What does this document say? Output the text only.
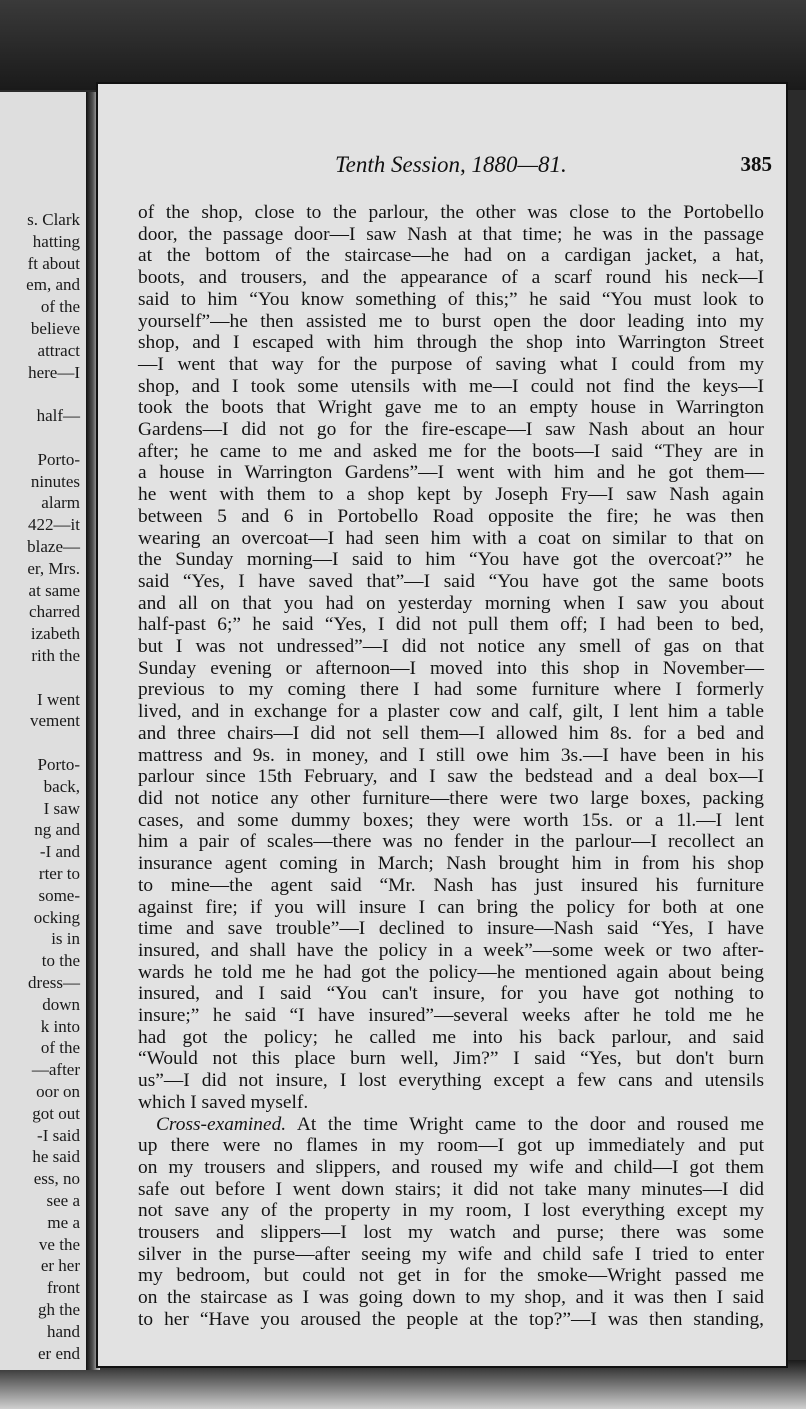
s. Clark
hatting
ft about
em, and
of the
believe
attract
here—I
half—
Porto-
ninutes
alarm
422—it
blaze—
er, Mrs.
at same
charred
izabeth
rith the
I went
vement
Porto-
back,
I saw
ng and
-I and
rter to
some-
ocking
is in
to the
dress—
down
k into
of the
—after
oor on
got out
-I said
he said
ess, no
see a
me a
ve the
er her
front
gh the
hand
er end
Tenth Session, 1880—81.	385
of the shop, close to the parlour, the other was close to the Portobello
door, the passage door—I saw Nash at that time; he was in the passage
at the bottom of the staircase—he had on a cardigan jacket, a hat,
boots, and trousers, and the appearance of a scarf round his neck—I
said to him “You know something of this;” he said “You must look to
yourself”—he then assisted me to burst open the door leading into my
shop, and I escaped with him through the shop into Warrington Street
—I went that way for the purpose of saving what I could from my
shop, and I took some utensils with me—I could not find the keys—I
took the boots that Wright gave me to an empty house in Warrington
Gardens—I did not go for the fire-escape—I saw Nash about an hour
after; he came to me and asked me for the boots—I said “They are in
a house in Warrington Gardens”—I went with him and he got them—
he went with them to a shop kept by Joseph Fry—I saw Nash again
between 5 and 6 in Portobello Road opposite the fire; he was then
wearing an overcoat—I had seen him with a coat on similar to that on
the Sunday morning—I said to him “You have got the overcoat?” he
said “Yes, I have saved that”—I said “You have got the same boots
and all on that you had on yesterday morning when I saw you about
half-past 6;” he said “Yes, I did not pull them off; I had been to bed,
but I was not undressed”—I did not notice any smell of gas on that
Sunday evening or afternoon—I moved into this shop in November—
previous to my coming there I had some furniture where I formerly
lived, and in exchange for a plaster cow and calf, gilt, I lent him a table
and three chairs—I did not sell them—I allowed him 8s. for a bed and
mattress and 9s. in money, and I still owe him 3s.—I have been in his
parlour since 15th February, and I saw the bedstead and a deal box—I
did not notice any other furniture—there were two large boxes, packing
cases, and some dummy boxes; they were worth 15s. or a 1l.—I lent
him a pair of scales—there was no fender in the parlour—I recollect an
insurance agent coming in March; Nash brought him in from his shop
to mine—the agent said “Mr. Nash has just insured his furniture
against fire; if you will insure I can bring the policy for both at one
time and save trouble”—I declined to insure—Nash said “Yes, I have
insured, and shall have the policy in a week”—some week or two after-
wards he told me he had got the policy—he mentioned again about being
insured, and I said “You can't insure, for you have got nothing to
insure;” he said “I have insured”—several weeks after he told me he
had got the policy; he called me into his back parlour, and said
“Would not this place burn well, Jim?” I said “Yes, but don't burn
us”—I did not insure, I lost everything except a few cans and utensils
which I saved myself.
Cross-examined. At the time Wright came to the door and roused me
up there were no flames in my room—I got up immediately and put
on my trousers and slippers, and roused my wife and child—I got them
safe out before I went down stairs; it did not take many minutes—I did
not save any of the property in my room, I lost everything except my
trousers and slippers—I lost my watch and purse; there was some
silver in the purse—after seeing my wife and child safe I tried to enter
my bedroom, but could not get in for the smoke—Wright passed me
on the staircase as I was going down to my shop, and it was then I said
to her “Have you aroused the people at the top?”—I was then standing,
